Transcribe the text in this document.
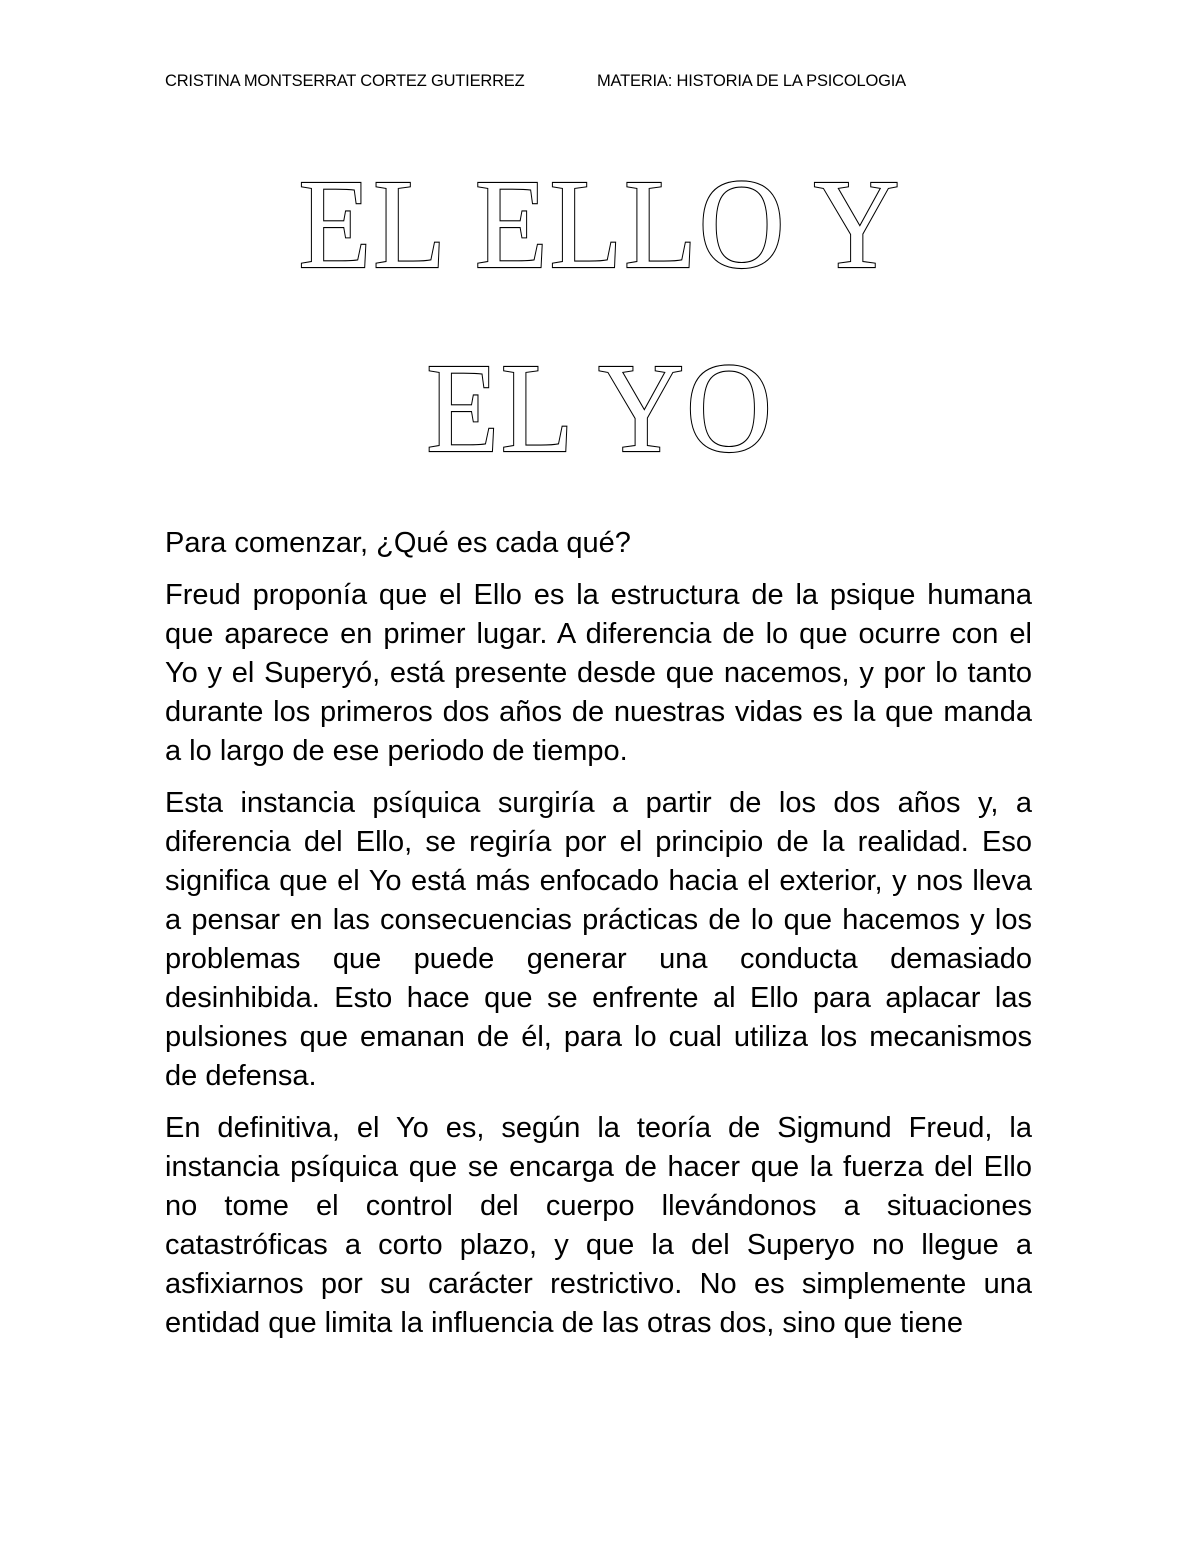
CRISTINA MONTSERRAT CORTEZ GUTIERREZ	MATERIA: HISTORIA DE LA PSICOLOGIA
EL ELLO Y
EL YO

Para comenzar, ¿Qué es cada qué?

Freud proponía que el Ello es la estructura de la psique humana que aparece en primer lugar. A diferencia de lo que ocurre con el Yo y el Superyó, está presente desde que nacemos, y por lo tanto durante los primeros dos años de nuestras vidas es la que manda a lo largo de ese periodo de tiempo.

Esta instancia psíquica surgiría a partir de los dos años y, a diferencia del Ello, se regiría por el principio de la realidad. Eso significa que el Yo está más enfocado hacia el exterior, y nos lleva a pensar en las consecuencias prácticas de lo que hacemos y los problemas que puede generar una conducta demasiado desinhibida. Esto hace que se enfrente al Ello para aplacar las pulsiones que emanan de él, para lo cual utiliza los mecanismos de defensa.

En definitiva, el Yo es, según la teoría de Sigmund Freud, la instancia psíquica que se encarga de hacer que la fuerza del Ello no tome el control del cuerpo llevándonos a situaciones catastróficas a corto plazo, y que la del Superyo no llegue a asfixiarnos por su carácter restrictivo. No es simplemente una entidad que limita la influencia de las otras dos, sino que tiene
